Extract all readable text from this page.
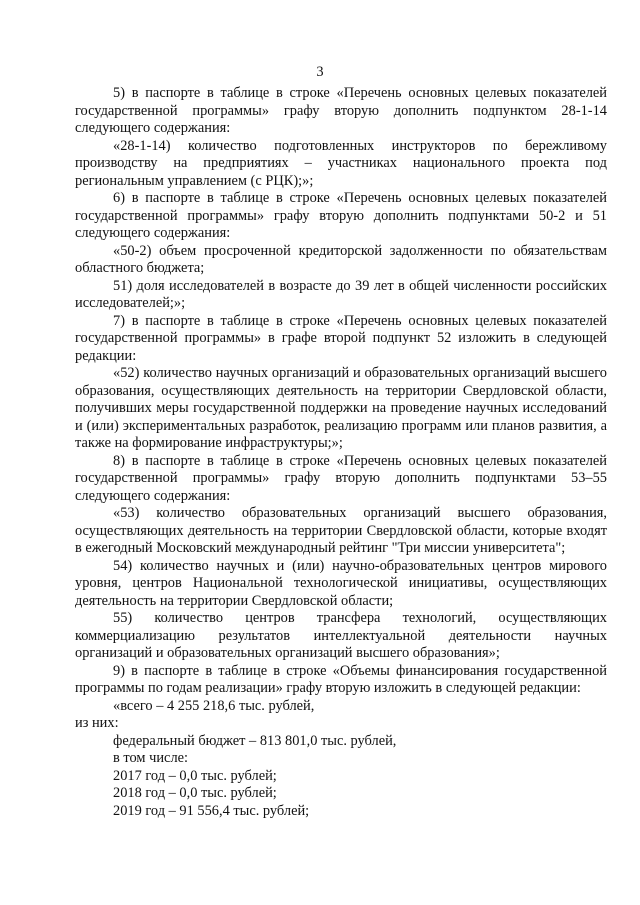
3

5) в паспорте в таблице в строке «Перечень основных целевых показателей государственной программы» графу вторую дополнить подпунктом 28-1-14 следующего содержания:

«28-1-14) количество подготовленных инструкторов по бережливому производству на предприятиях – участниках национального проекта под региональным управлением (с РЦК);»;

6) в паспорте в таблице в строке «Перечень основных целевых показателей государственной программы» графу вторую дополнить подпунктами 50-2 и 51 следующего содержания:

«50-2) объем просроченной кредиторской задолженности по обязательствам областного бюджета;

51) доля исследователей в возрасте до 39 лет в общей численности российских исследователей;»;

7) в паспорте в таблице в строке «Перечень основных целевых показателей государственной программы» в графе второй подпункт 52 изложить в следующей редакции:

«52) количество научных организаций и образовательных организаций высшего образования, осуществляющих деятельность на территории Свердловской области, получивших меры государственной поддержки на проведение научных исследований и (или) экспериментальных разработок, реализацию программ или планов развития, а также на формирование инфраструктуры;»;

8) в паспорте в таблице в строке «Перечень основных целевых показателей государственной программы» графу вторую дополнить подпунктами 53–55 следующего содержания:

«53) количество образовательных организаций высшего образования, осуществляющих деятельность на территории Свердловской области, которые входят в ежегодный Московский международный рейтинг "Три миссии университета";

54) количество научных и (или) научно-образовательных центров мирового уровня, центров Национальной технологической инициативы, осуществляющих деятельность на территории Свердловской области;

55) количество центров трансфера технологий, осуществляющих коммерциализацию результатов интеллектуальной деятельности научных организаций и образовательных организаций высшего образования»;

9) в паспорте в таблице в строке «Объемы финансирования государственной программы по годам реализации» графу вторую изложить в следующей редакции:

«всего – 4 255 218,6 тыс. рублей,

из них:

федеральный бюджет – 813 801,0 тыс. рублей,

в том числе:

2017 год – 0,0 тыс. рублей;

2018 год – 0,0 тыс. рублей;

2019 год – 91 556,4 тыс. рублей;
